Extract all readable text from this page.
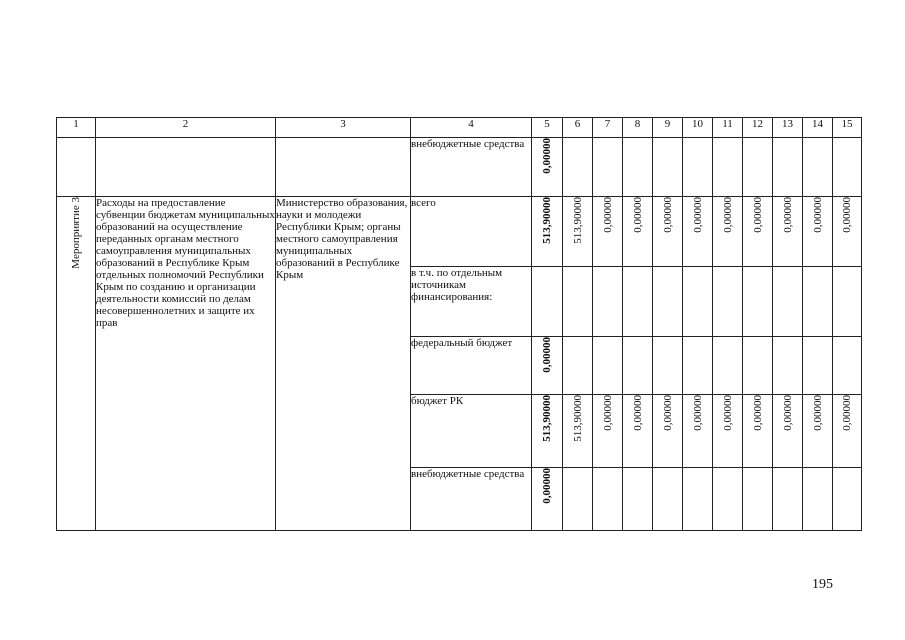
1	2	3	4	5	6	7	8	9	10	11	12	13	14	15
			внебюджетные средства	0,00000										
Мероприятие 3	Расходы на предоставление субвенции бюджетам муниципальных образований на осуществление переданных органам местного самоуправления муниципальных образований в Республике Крым отдельных полномочий Республики Крым по созданию и организации деятельности комиссий по делам несовершеннолетних и защите их прав	Министерство образования, науки и молодежи Республики Крым; органы местного самоуправления муниципальных образований в Республике Крым	всего	513,90000	513,90000	0,00000	0,00000	0,00000	0,00000	0,00000	0,00000	0,00000	0,00000	0,00000
			в т.ч. по отдельным источникам финансирования:											
			федеральный бюджет	0,00000										
			бюджет РК	513,90000	513,90000	0,00000	0,00000	0,00000	0,00000	0,00000	0,00000	0,00000	0,00000	0,00000
			внебюджетные средства	0,00000										
195
